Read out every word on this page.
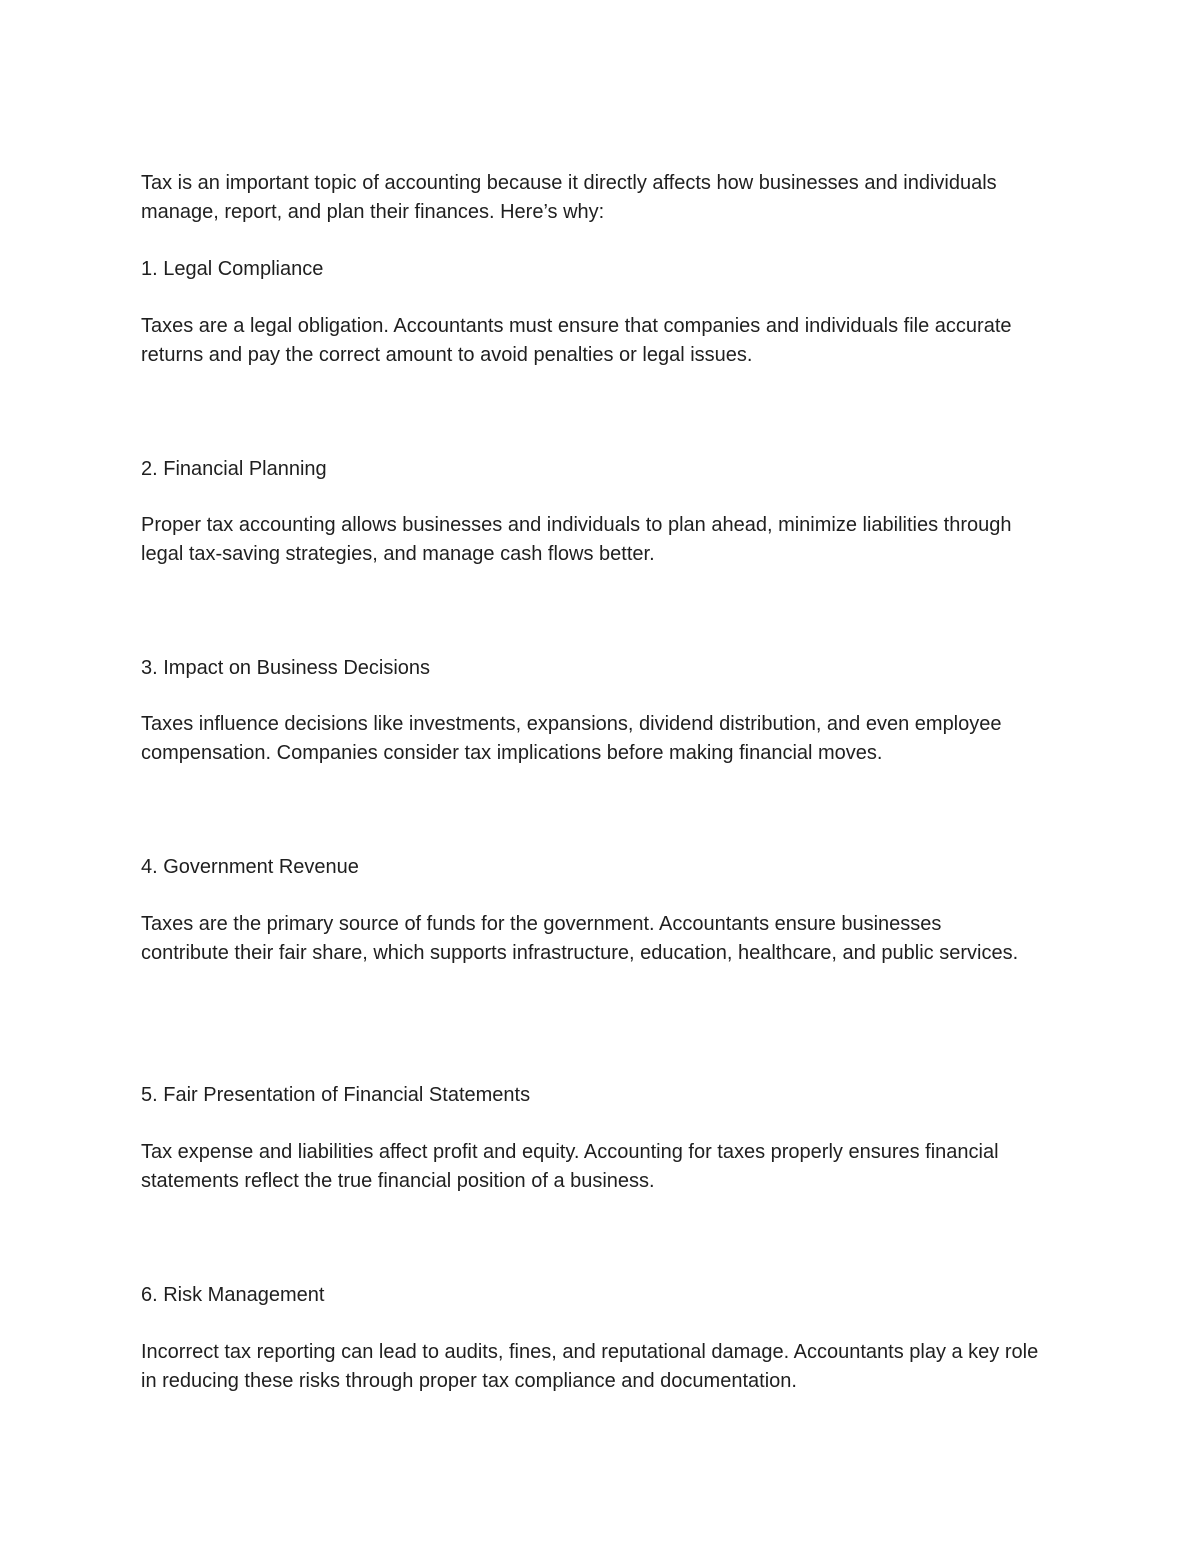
Tax is an important topic of accounting because it directly affects how businesses and individuals manage, report, and plan their finances. Here’s why:

1. Legal Compliance

Taxes are a legal obligation. Accountants must ensure that companies and individuals file accurate returns and pay the correct amount to avoid penalties or legal issues.

2. Financial Planning

Proper tax accounting allows businesses and individuals to plan ahead, minimize liabilities through legal tax-saving strategies, and manage cash flows better.

3. Impact on Business Decisions

Taxes influence decisions like investments, expansions, dividend distribution, and even employee compensation. Companies consider tax implications before making financial moves.

4. Government Revenue

Taxes are the primary source of funds for the government. Accountants ensure businesses contribute their fair share, which supports infrastructure, education, healthcare, and public services.

5. Fair Presentation of Financial Statements

Tax expense and liabilities affect profit and equity. Accounting for taxes properly ensures financial statements reflect the true financial position of a business.

6. Risk Management

Incorrect tax reporting can lead to audits, fines, and reputational damage. Accountants play a key role in reducing these risks through proper tax compliance and documentation.
